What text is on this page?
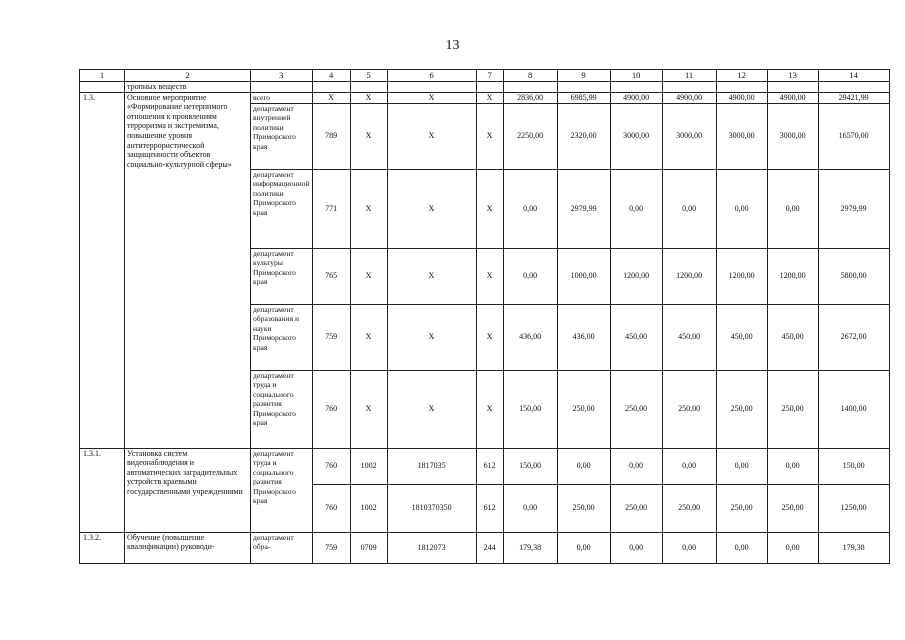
13
1	2	3	4	5	6	7	8	9	10	11	12	13	14
	тропных веществ												
1.3.	Основное мероприятие «Формирование нетерпимого отношения к проявлениям терроризма и экстремизма, повышение уровня антитеррористической защищенности объектов социально-культурной сферы»	всего	X	X	X	X	2836,00	6985,99	4900,00	4900,00	4900,00	4900,00	29421,99
		департамент внутренней политики Приморского края	789	X	X	X	2250,00	2320,00	3000,00	3000,00	3000,00	3000,00	16570,00
		департамент информационной политики Приморского края	771	X	X	X	0,00	2979,99	0,00	0,00	0,00	0,00	2979,99
		департамент культуры Приморского края	765	X	X	X	0,00	1000,00	1200,00	1200,00	1200,00	1200,00	5800,00
		департамент образования и науки Приморского края	759	X	X	X	436,00	436,00	450,00	450,00	450,00	450,00	2672,00
		департамент труда и социального развития Приморского края	760	X	X	X	150,00	250,00	250,00	250,00	250,00	250,00	1400,00
1.3.1.	Установка систем видеонаблюдения и автоматических заградительных устройств краевыми государственными учреждениями	департамент труда и социального развития Приморского края	760	1002	1817035	612	150,00	0,00	0,00	0,00	0,00	0,00	150,00
			760	1002	1810370350	612	0,00	250,00	250,00	250,00	250,00	250,00	1250,00
1.3.2.	Обучение (повышение квалификации) руководи-	департамент обра-	759	0709	1812073	244	179,38	0,00	0,00	0,00	0,00	0,00	179,38
